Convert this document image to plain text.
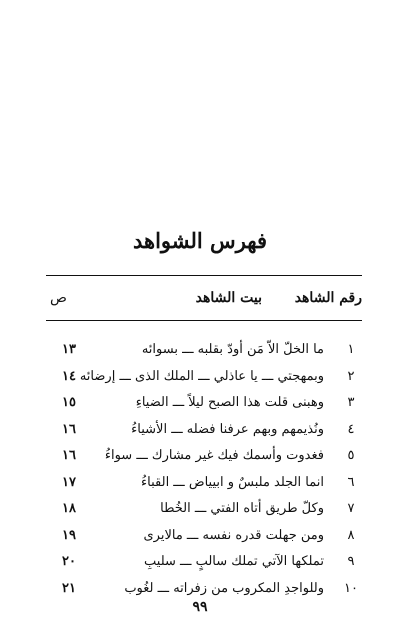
فهرس الشواهد
رقم الشاهد
بيت الشاهد
ص
١
ما الخلّ الاّ مَن أودّ بقلبه ـــ بسوائه
١٣
٢
وبمهجتي ـــ يا عاذلي ـــ الملك الذى ـــ إرضائه
١٤
٣
وهبنى قلت هذا الصبح ليلاً ـــ الضياءِ
١٥
٤
ونُذيمهم وبهم عرفنا فضله ـــ الأشياءُ
١٦
٥
فغدوت وأسمك فيك غير مشارك ـــ سواءُ
١٦
٦
انما الجلد ملبسٌ و ابيياض ـــ القباءُ
١٧
٧
وكلّ طريق أتاه الفتي ـــ الخُطا
١٨
٨
ومن جهلت قدره نفسه ـــ مالايرى
١٩
٩
تملكها الآتي تملك سالبٍ ـــ سليبِ
٢٠
١٠
وللواجدِ المكروب من زفراته ـــ لغُوب
٢١
٩٩
